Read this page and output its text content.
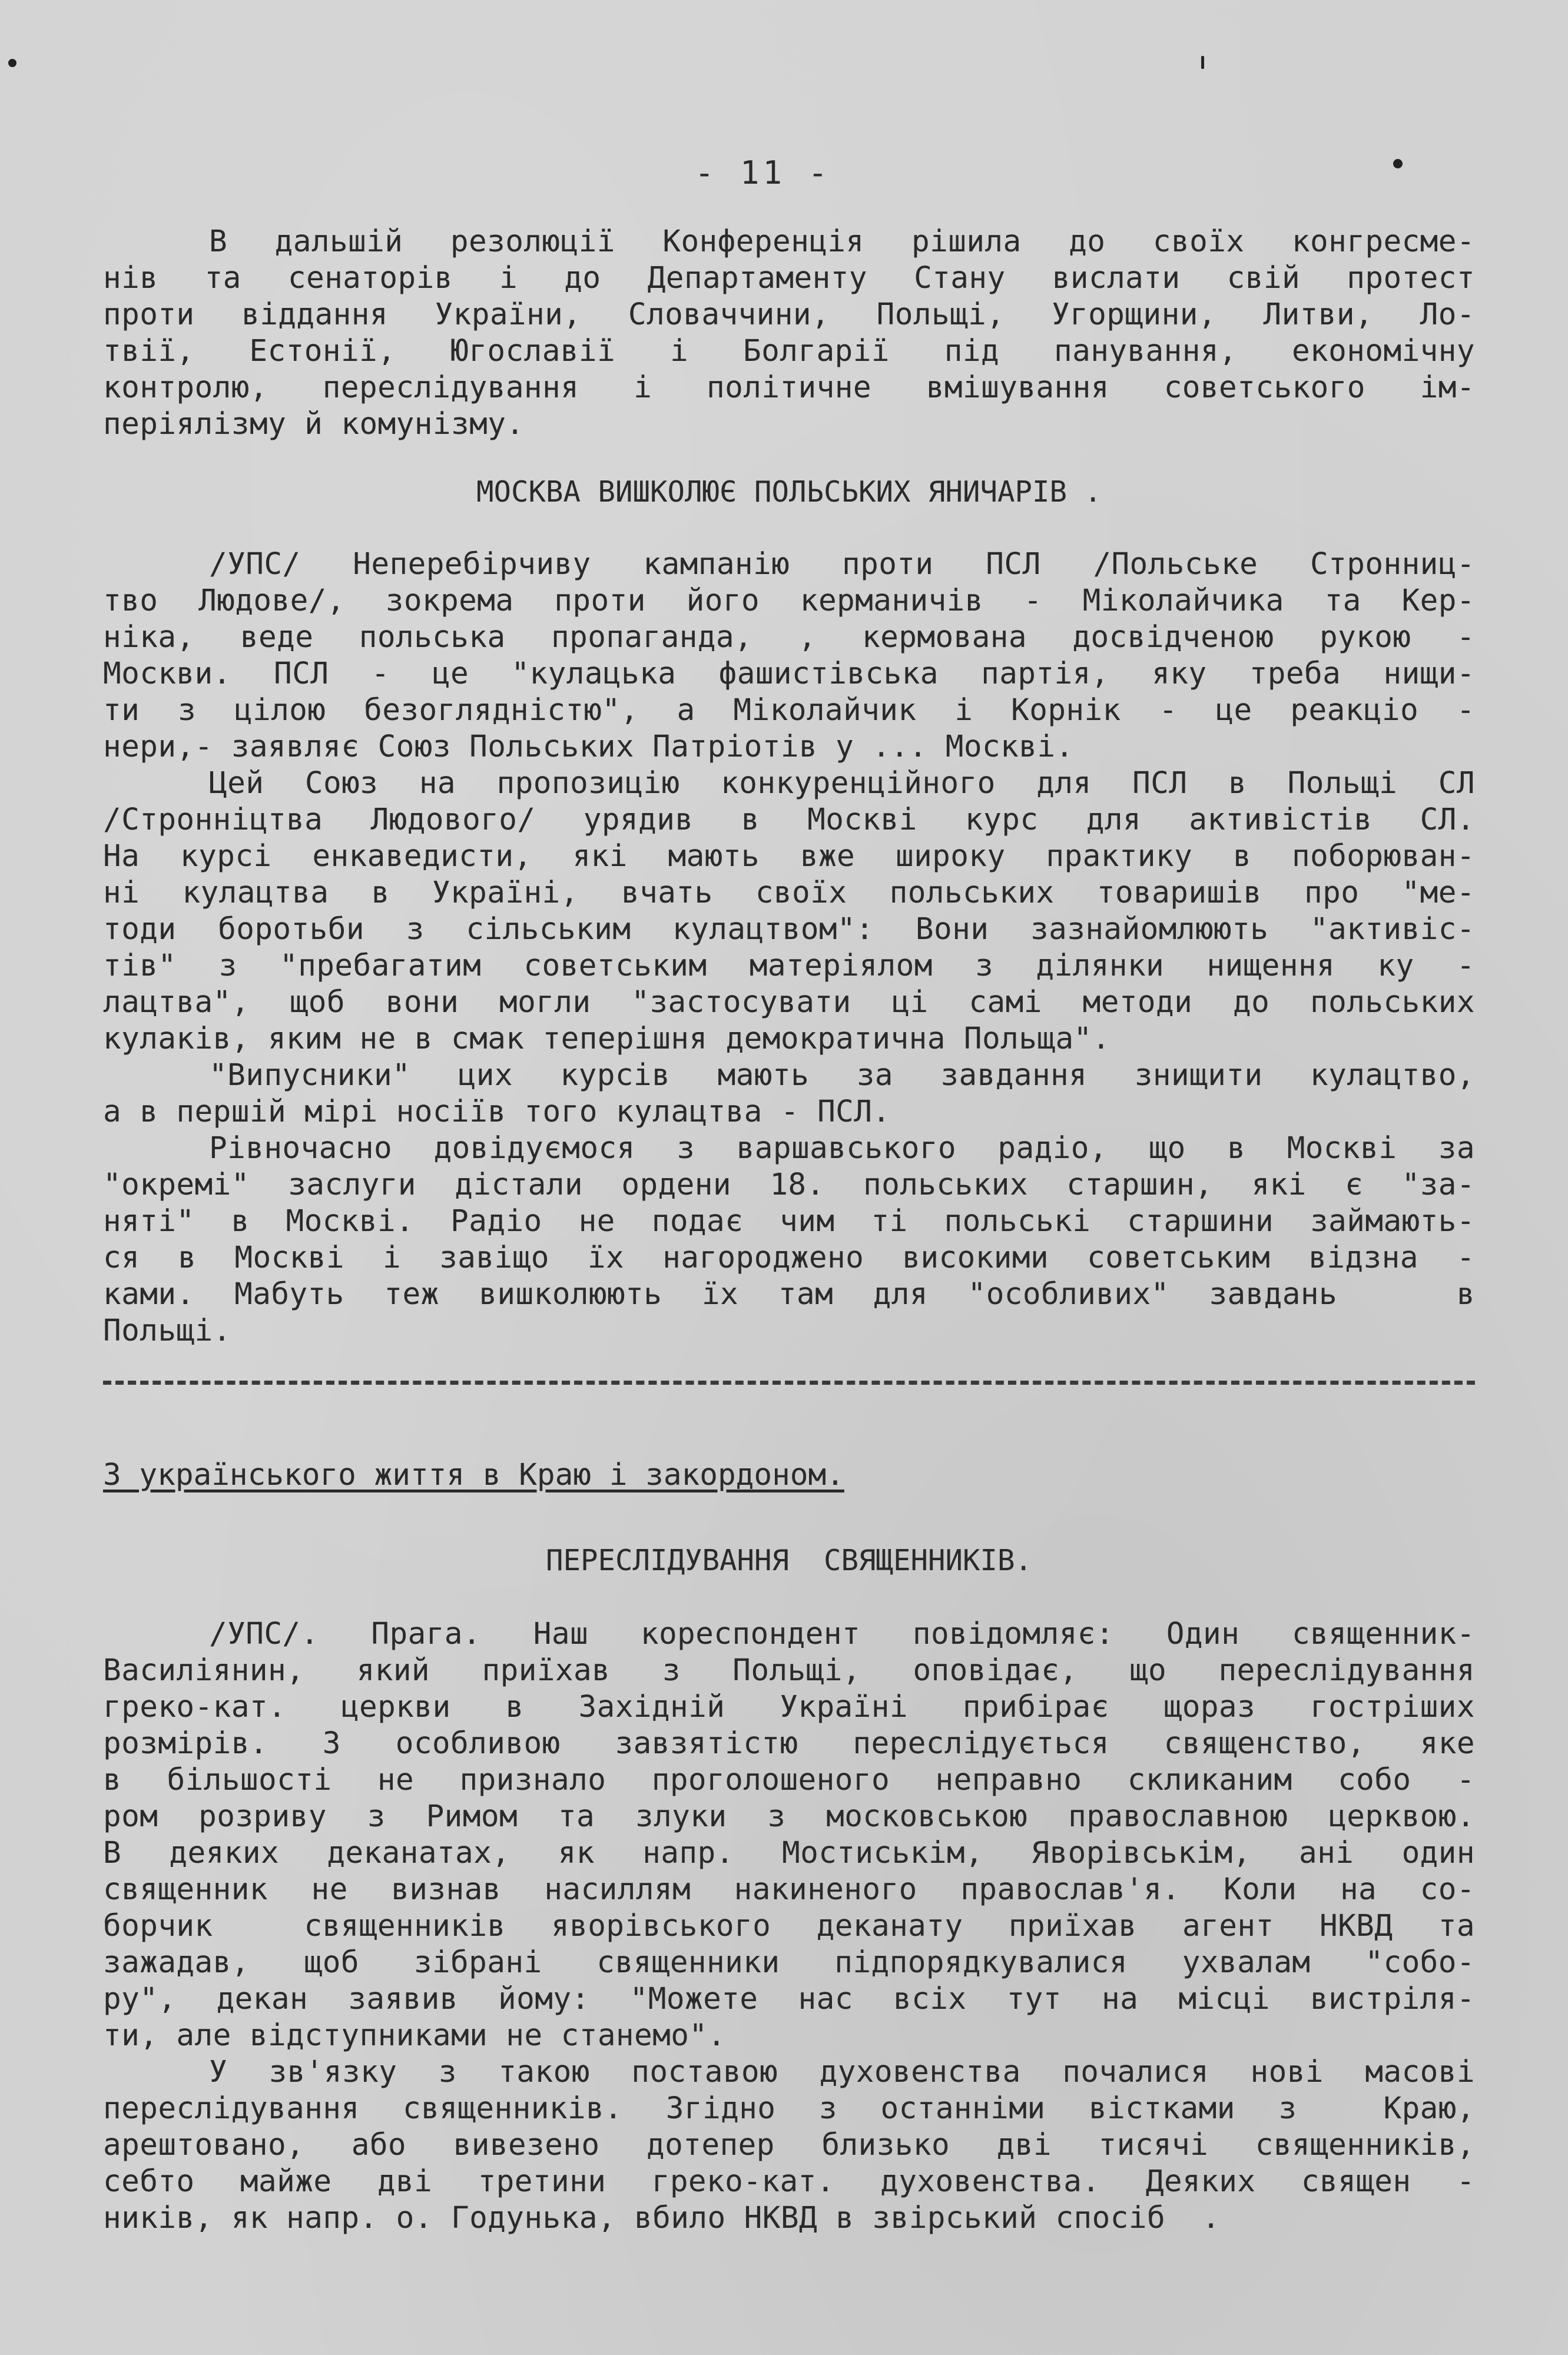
- 11 -
В дальшій резолюції Конференція рішила до своїх конгресме-
нів та сенаторів і до Департаменту Стану вислати свій протест
проти віддання України, Словаччини, Польщі, Угорщини, Литви, Ло-
твії, Естонії, Югославії і Болгарії під панування, економічну
контролю, переслідування і політичне вмішування советського ім-
періялізму й комунізму.
МОСКВА ВИШКОЛЮЄ ПОЛЬСЬКИХ ЯНИЧАРІВ .
/УПС/ Неперебірчиву кампанію проти ПСЛ /Польське Стронниц-
тво Людове/, зокрема проти його керманичів - Міколайчика та Кер-
ніка, веде польська пропаганда, , кермована досвідченою рукою -
Москви. ПСЛ - це "кулацька фашистівська партія, яку треба нищи-
ти з цілою безоглядністю", а Міколайчик і Корнік - це реакціо -
нери,- заявляє Союз Польських Патріотів у ... Москві.
Цей Союз на пропозицію конкуренційного для ПСЛ в Польщі СЛ
/Стронніцтва Людового/ урядив в Москві курс для активістів СЛ.
На курсі енкаведисти, які мають вже широку практику в поборюван-
ні кулацтва в Україні, вчать своїх польських товаришів про "ме-
тоди боротьби з сільським кулацтвом": Вони зазнайомлюють "активіс-
тів" з "пребагатим советським матеріялом з ділянки нищення ку -
лацтва", щоб вони могли "застосувати ці самі методи до польських
кулаків, яким не в смак теперішня демократична Польща".
"Випусники" цих курсів мають за завдання знищити кулацтво,
а в першій мірі носіїв того кулацтва - ПСЛ.
Рівночасно довідуємося з варшавського радіо, що в Москві за
"окремі" заслуги дістали ордени 18. польських старшин, які є "за-
няті" в Москві. Радіо не подає чим ті польські старшини займають-
ся в Москві і завіщо їх нагороджено високими советським відзна -
ками. Мабуть теж вишколюють їх там для "особливих" завдань   в
Польщі.
З українського життя в Краю і закордоном.
ПЕРЕСЛІДУВАННЯ  СВЯЩЕННИКІВ.
/УПС/. Прага. Наш кореспондент повідомляє: Один священник-
Василіянин, який приїхав з Польщі, оповідає, що переслідування
греко-кат. церкви в Західній Україні прибірає щораз гостріших
розмірів. З особливою завзятістю переслідується священство, яке
в більшості не признало проголошеного неправно скликаним собо -
ром розриву з Римом та злуки з московською православною церквою.
В деяких деканатах, як напр. Мостиськім, Яворівськім, ані один
священник не визнав насиллям накиненого православ'я. Коли на со-
борчик  священників яворівського деканату приїхав агент НКВД та
зажадав, щоб зібрані священники підпорядкувалися ухвалам "собо-
ру", декан заявив йому: "Можете нас всіх тут на місці вистріля-
ти, але відступниками не станемо".
У зв'язку з такою поставою духовенства почалися нові масові
переслідування священників. Згідно з останніми вістками з  Краю,
арештовано, або вивезено дотепер близько дві тисячі священників,
себто майже дві третини греко-кат. духовенства. Деяких священ -
ників, як напр. о. Годунька, вбило НКВД в звірський спосіб  .
